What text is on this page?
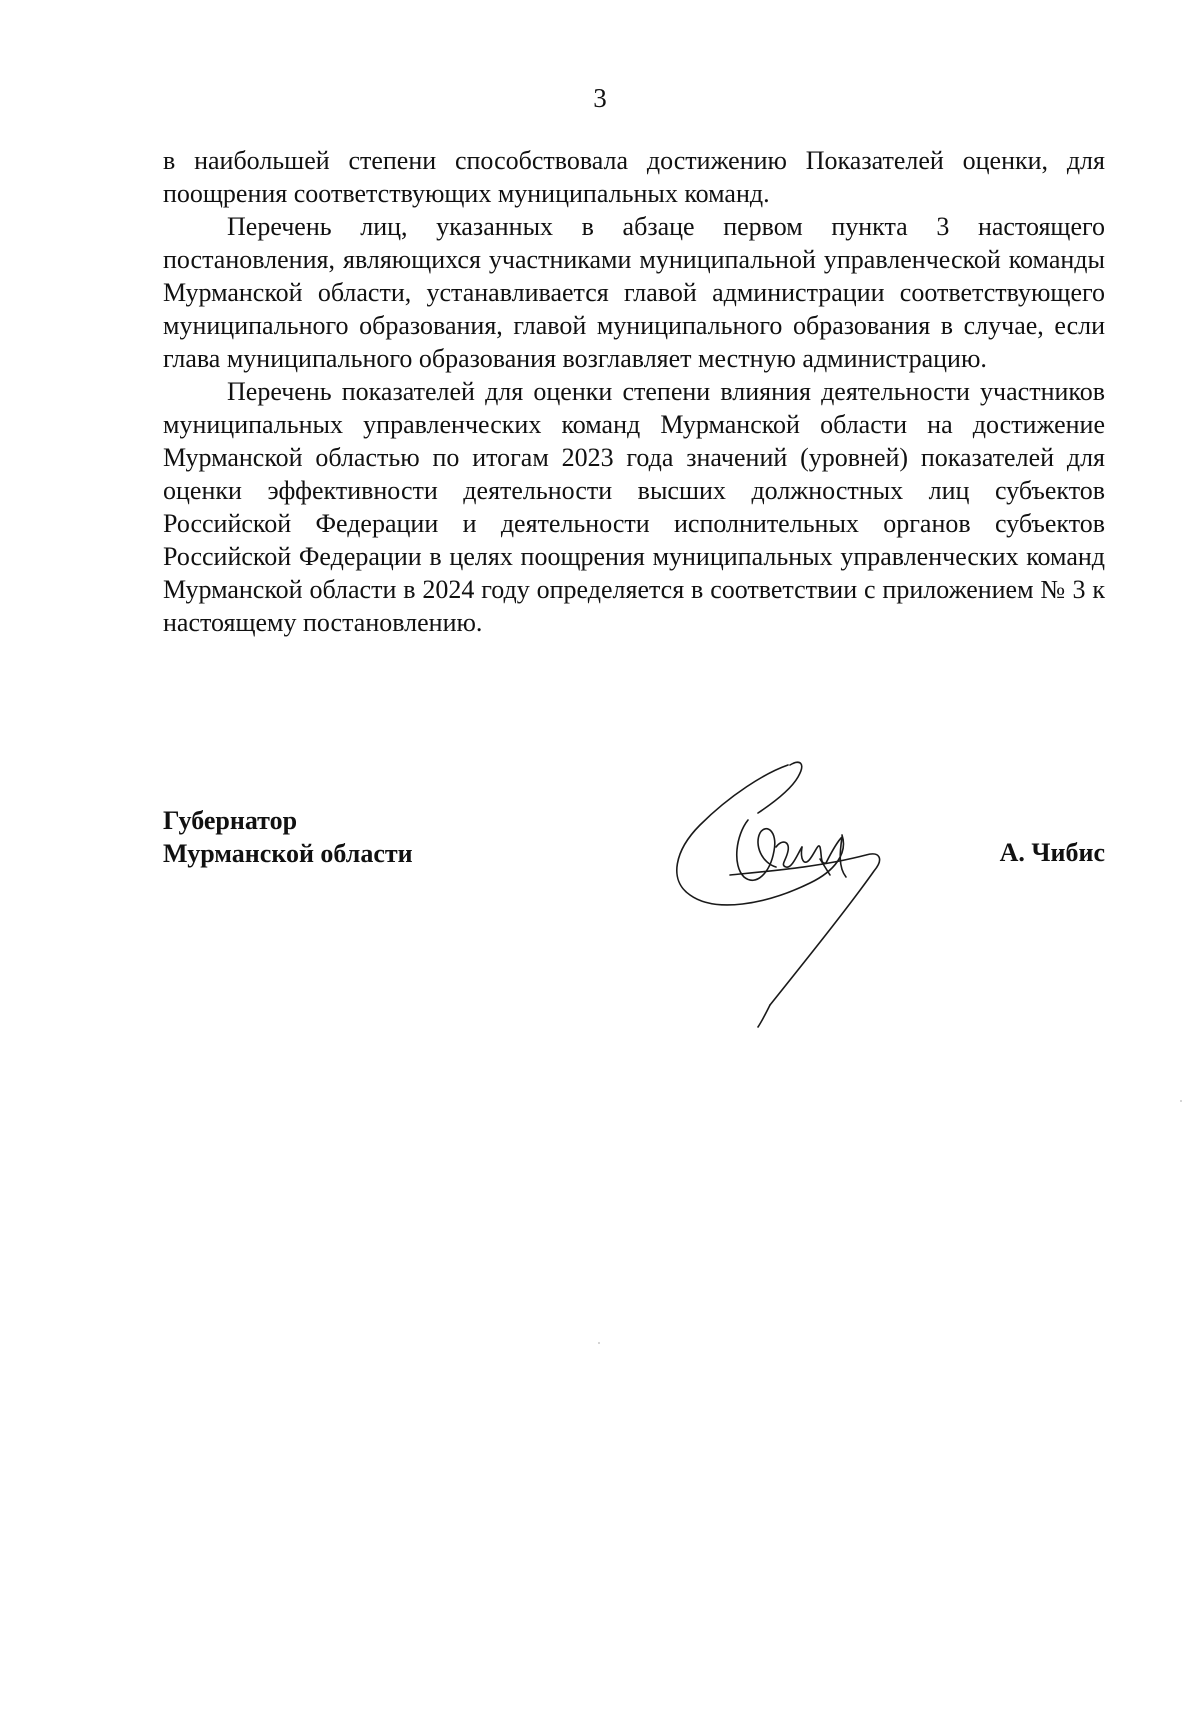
3

в наибольшей степени способствовала достижению Показателей оценки, для поощрения соответствующих муниципальных команд.

Перечень лиц, указанных в абзаце первом пункта 3 настоящего постановления, являющихся участниками муниципальной управленческой команды Мурманской области, устанавливается главой администрации соответствующего муниципального образования, главой муниципального образования в случае, если глава муниципального образования возглавляет местную администрацию.

Перечень показателей для оценки степени влияния деятельности участников муниципальных управленческих команд Мурманской области на достижение Мурманской областью по итогам 2023 года значений (уровней) показателей для оценки эффективности деятельности высших должностных лиц субъектов Российской Федерации и деятельности исполнительных органов субъектов Российской Федерации в целях поощрения муниципальных управленческих команд Мурманской области в 2024 году определяется в соответствии с приложением № 3 к настоящему постановлению.

Губернатор
Мурманской области	А. Чибис
